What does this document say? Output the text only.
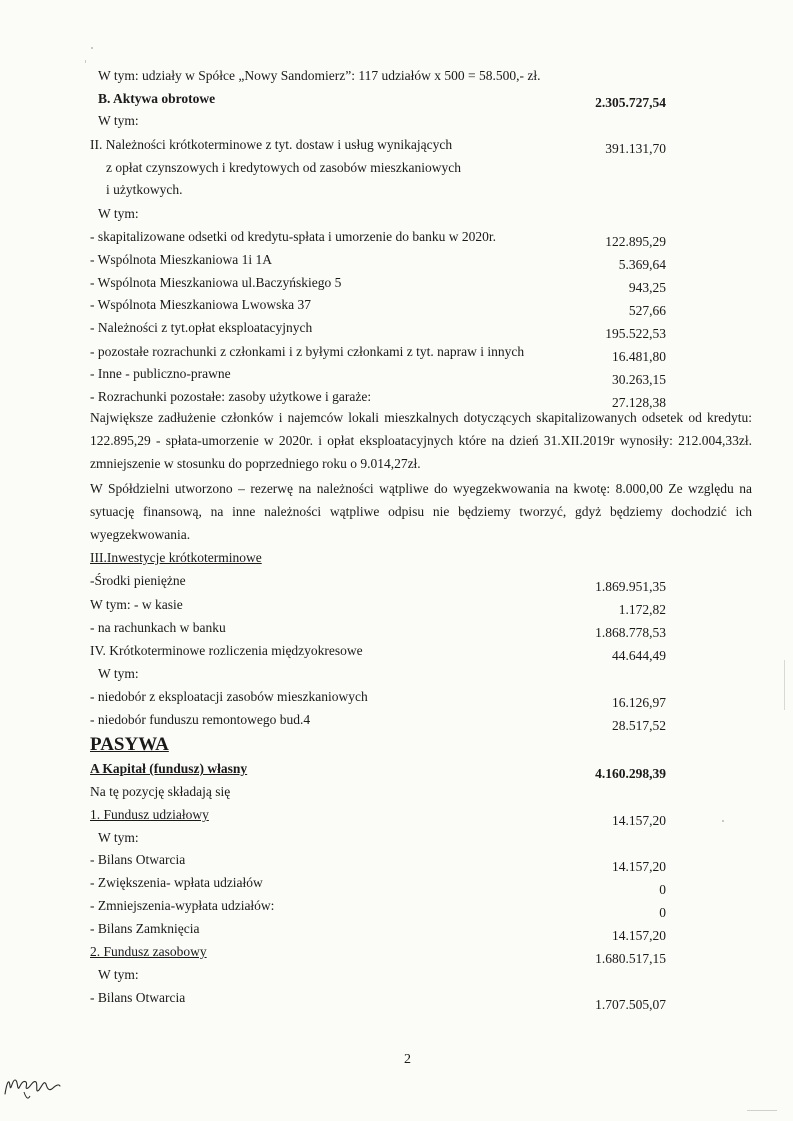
W tym: udziały w Spółce „Nowy Sandomierz”: 117 udziałów x 500 = 58.500,- zł.
B. Aktywa obrotowe	2.305.727,54
W tym:
II. Należności krótkoterminowe z tyt. dostaw i usług wynikających	391.131,70
z opłat czynszowych i kredytowych od zasobów mieszkaniowych
i użytkowych.
W tym:
- skapitalizowane odsetki od kredytu-spłata i umorzenie do banku w 2020r.	122.895,29
- Wspólnota Mieszkaniowa 1i 1A	5.369,64
- Wspólnota Mieszkaniowa ul.Baczyńskiego 5	943,25
- Wspólnota Mieszkaniowa Lwowska 37	527,66
- Należności z tyt.opłat eksploatacyjnych	195.522,53
- pozostałe rozrachunki z członkami i z byłymi członkami z tyt. napraw i innych	16.481,80
- Inne - publiczno-prawne	30.263,15
- Rozrachunki pozostałe: zasoby użytkowe i garaże:	27.128,38
Największe zadłużenie członków i najemców lokali mieszkalnych dotyczących skapitalizowanych odsetek od kredytu: 122.895,29 - spłata-umorzenie w 2020r. i opłat eksploatacyjnych które na dzień 31.XII.2019r wynosiły: 212.004,33zł. zmniejszenie w stosunku do poprzedniego roku o 9.014,27zł.
W Spółdzielni utworzono – rezerwę na należności wątpliwe do wyegzekwowania na kwotę: 8.000,00 Ze względu na sytuację finansową, na inne należności wątpliwe odpisu nie będziemy tworzyć, gdyż będziemy dochodzić ich wyegzekwowania.
III.Inwestycje krótkoterminowe
-Środki pieniężne	1.869.951,35
W tym: - w kasie	1.172,82
- na rachunkach w banku	1.868.778,53
IV. Krótkoterminowe rozliczenia międzyokresowe	44.644,49
W tym:
- niedobór z eksploatacji zasobów mieszkaniowych	16.126,97
- niedobór funduszu remontowego bud.4	28.517,52
PASYWA
A Kapitał (fundusz) własny	4.160.298,39
Na tę pozycję składają się
1. Fundusz udziałowy	14.157,20
W tym:
- Bilans Otwarcia	14.157,20
- Zwiększenia- wpłata udziałów	0
- Zmniejszenia-wypłata udziałów:	0
- Bilans Zamknięcia	14.157,20
2. Fundusz zasobowy	1.680.517,15
W tym:
- Bilans Otwarcia	1.707.505,07
2
